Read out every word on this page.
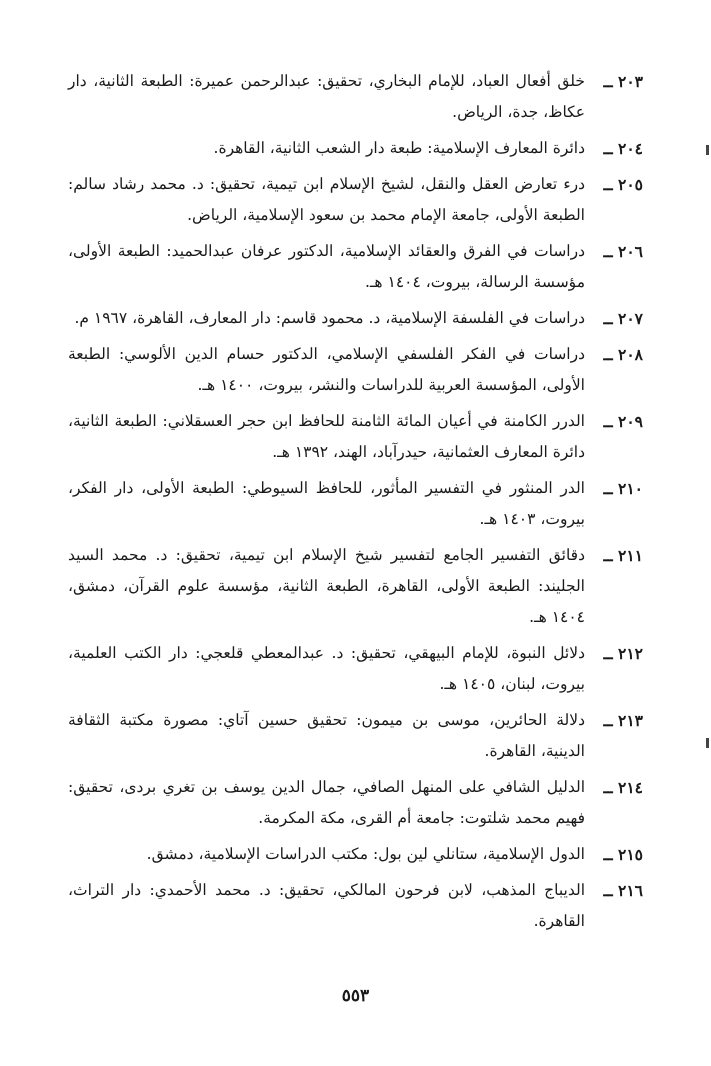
٢٠٣ ــ
خلق أفعال العباد، للإمام البخاري، تحقيق: عبدالرحمن عميرة: الطبعة الثانية، دار عكاظ، جدة، الرياض.
٢٠٤ ــ
دائرة المعارف الإسلامية: طبعة دار الشعب الثانية، القاهرة.
٢٠٥ ــ
درء تعارض العقل والنقل، لشيخ الإسلام ابن تيمية، تحقيق: د. محمد رشاد سالم: الطبعة الأولى، جامعة الإمام محمد بن سعود الإسلامية، الرياض.
٢٠٦ ــ
دراسات في الفرق والعقائد الإسلامية، الدكتور عرفان عبدالحميد: الطبعة الأولى، مؤسسة الرسالة، بيروت، ١٤٠٤ هـ.
٢٠٧ ــ
دراسات في الفلسفة الإسلامية، د. محمود قاسم: دار المعارف، القاهرة، ١٩٦٧ م.
٢٠٨ ــ
دراسات في الفكر الفلسفي الإسلامي، الدكتور حسام الدين الألوسي: الطبعة الأولى، المؤسسة العربية للدراسات والنشر، بيروت، ١٤٠٠ هـ.
٢٠٩ ــ
الدرر الكامنة في أعيان المائة الثامنة للحافظ ابن حجر العسقلاني: الطبعة الثانية، دائرة المعارف العثمانية، حيدرآباد، الهند، ١٣٩٢ هـ.
٢١٠ ــ
الدر المنثور في التفسير المأثور، للحافظ السيوطي: الطبعة الأولى، دار الفكر، بيروت، ١٤٠٣ هـ.
٢١١ ــ
دقائق التفسير الجامع لتفسير شيخ الإسلام ابن تيمية، تحقيق: د. محمد السيد الجليند: الطبعة الأولى، القاهرة، الطبعة الثانية، مؤسسة علوم القرآن، دمشق، ١٤٠٤ هـ.
٢١٢ ــ
دلائل النبوة، للإمام البيهقي، تحقيق: د. عبدالمعطي قلعجي: دار الكتب العلمية، بيروت، لبنان، ١٤٠٥ هـ.
٢١٣ ــ
دلالة الحائرين، موسى بن ميمون: تحقيق حسين آتاي: مصورة مكتبة الثقافة الدينية، القاهرة.
٢١٤ ــ
الدليل الشافي على المنهل الصافي، جمال الدين يوسف بن تغري بردى، تحقيق: فهيم محمد شلتوت: جامعة أم القرى، مكة المكرمة.
٢١٥ ــ
الدول الإسلامية، ستانلي لين بول: مكتب الدراسات الإسلامية، دمشق.
٢١٦ ــ
الديباج المذهب، لابن فرحون المالكي، تحقيق: د. محمد الأحمدي: دار التراث، القاهرة.
٥٥٣
